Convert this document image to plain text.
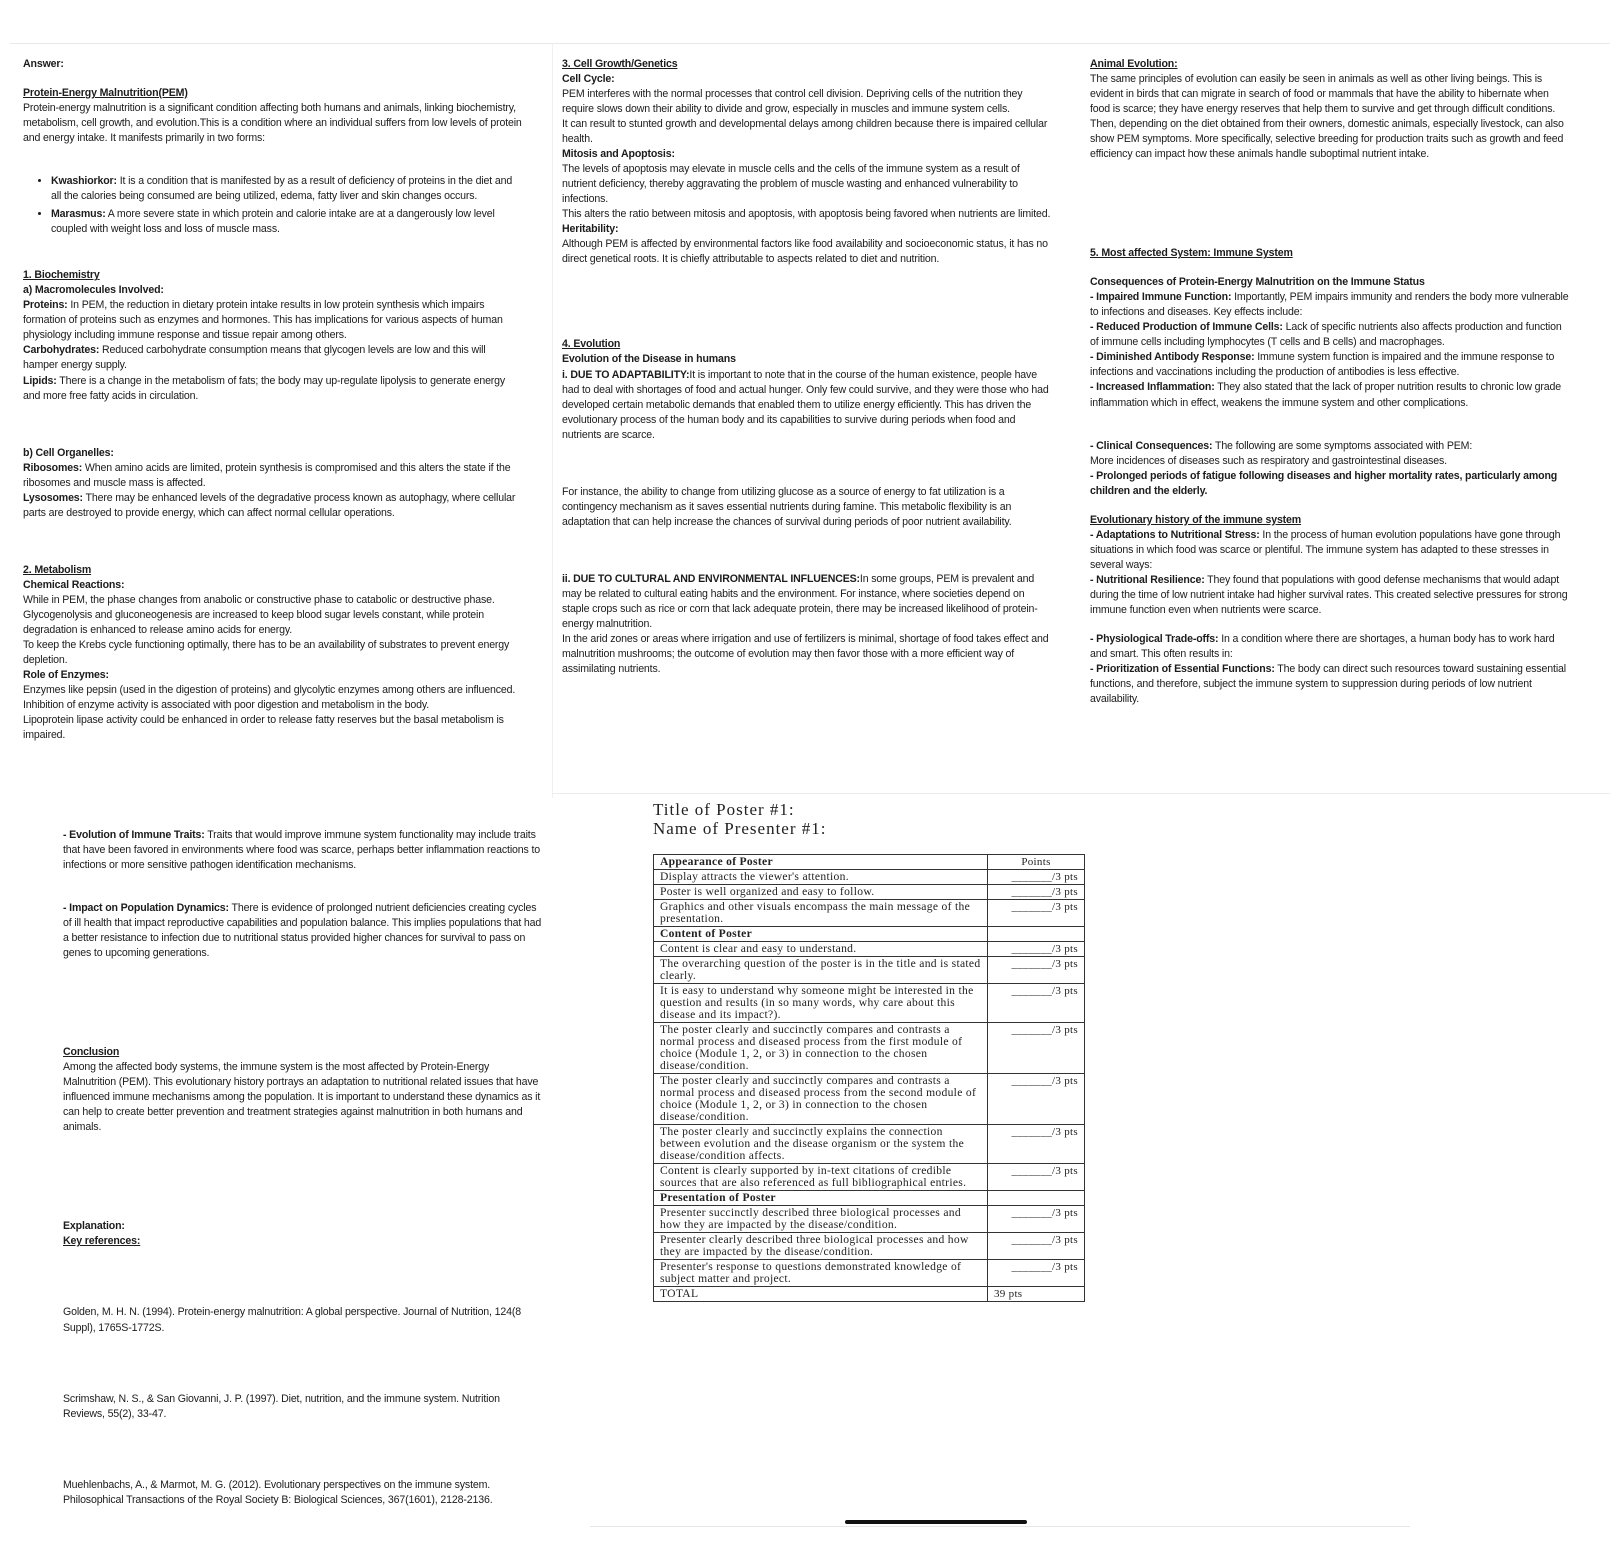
Answer:

Protein-Energy Malnutrition(PEM)

Protein-energy malnutrition is a significant condition affecting both humans and animals, linking biochemistry, metabolism, cell growth, and evolution.This is a condition where an individual suffers from low levels of protein and energy intake. It manifests primarily in two forms:

• Kwashiorkor: It is a condition that is manifested by as a result of deficiency of proteins in the diet and all the calories being consumed are being utilized, edema, fatty liver and skin changes occurs.
• Marasmus: A more severe state in which protein and calorie intake are at a dangerously low level coupled with weight loss and loss of muscle mass.

1. Biochemistry

a) Macromolecules Involved:

Proteins: In PEM, the reduction in dietary protein intake results in low protein synthesis which impairs formation of proteins such as enzymes and hormones. This has implications for various aspects of human physiology including immune response and tissue repair among others.

Carbohydrates: Reduced carbohydrate consumption means that glycogen levels are low and this will hamper energy supply.

Lipids: There is a change in the metabolism of fats; the body may up-regulate lipolysis to generate energy and more free fatty acids in circulation.

b) Cell Organelles:

Ribosomes: When amino acids are limited, protein synthesis is compromised and this alters the state if the ribosomes and muscle mass is affected.

Lysosomes: There may be enhanced levels of the degradative process known as autophagy, where cellular parts are destroyed to provide energy, which can affect normal cellular operations.

2. Metabolism

Chemical Reactions:

While in PEM, the phase changes from anabolic or constructive phase to catabolic or destructive phase. Glycogenolysis and gluconeogenesis are increased to keep blood sugar levels constant, while protein degradation is enhanced to release amino acids for energy.

To keep the Krebs cycle functioning optimally, there has to be an availability of substrates to prevent energy depletion.

Role of Enzymes:

Enzymes like pepsin (used in the digestion of proteins) and glycolytic enzymes among others are influenced. Inhibition of enzyme activity is associated with poor digestion and metabolism in the body.

Lipoprotein lipase activity could be enhanced in order to release fatty reserves but the basal metabolism is impaired.

3. Cell Growth/Genetics

Cell Cycle:

PEM interferes with the normal processes that control cell division. Depriving cells of the nutrition they require slows down their ability to divide and grow, especially in muscles and immune system cells.

It can result to stunted growth and developmental delays among children because there is impaired cellular health.

Mitosis and Apoptosis:

The levels of apoptosis may elevate in muscle cells and the cells of the immune system as a result of nutrient deficiency, thereby aggravating the problem of muscle wasting and enhanced vulnerability to infections.

This alters the ratio between mitosis and apoptosis, with apoptosis being favored when nutrients are limited.

Heritability:

Although PEM is affected by environmental factors like food availability and socioeconomic status, it has no direct genetical roots. It is chiefly attributable to aspects related to diet and nutrition.

4. Evolution

Evolution of the Disease in humans

i. DUE TO ADAPTABILITY:It is important to note that in the course of the human existence, people have had to deal with shortages of food and actual hunger. Only few could survive, and they were those who had developed certain metabolic demands that enabled them to utilize energy efficiently. This has driven the evolutionary process of the human body and its capabilities to survive during periods when food and nutrients are scarce.

For instance, the ability to change from utilizing glucose as a source of energy to fat utilization is a contingency mechanism as it saves essential nutrients during famine. This metabolic flexibility is an adaptation that can help increase the chances of survival during periods of poor nutrient availability.

ii. DUE TO CULTURAL AND ENVIRONMENTAL INFLUENCES:In some groups, PEM is prevalent and may be related to cultural eating habits and the environment. For instance, where societies depend on staple crops such as rice or corn that lack adequate protein, there may be increased likelihood of protein-energy malnutrition.

In the arid zones or areas where irrigation and use of fertilizers is minimal, shortage of food takes effect and malnutrition mushrooms; the outcome of evolution may then favor those with a more efficient way of assimilating nutrients.

Animal Evolution:

The same principles of evolution can easily be seen in animals as well as other living beings. This is evident in birds that can migrate in search of food or mammals that have the ability to hibernate when food is scarce; they have energy reserves that help them to survive and get through difficult conditions.

Then, depending on the diet obtained from their owners, domestic animals, especially livestock, can also show PEM symptoms. More specifically, selective breeding for production traits such as growth and feed efficiency can impact how these animals handle suboptimal nutrient intake.

5. Most affected System: Immune System

Consequences of Protein-Energy Malnutrition on the Immune Status

- Impaired Immune Function: Importantly, PEM impairs immunity and renders the body more vulnerable to infections and diseases. Key effects include:

- Reduced Production of Immune Cells: Lack of specific nutrients also affects production and function of immune cells including lymphocytes (T cells and B cells) and macrophages.

- Diminished Antibody Response: Immune system function is impaired and the immune response to infections and vaccinations including the production of antibodies is less effective.

- Increased Inflammation: They also stated that the lack of proper nutrition results to chronic low grade inflammation which in effect, weakens the immune system and other complications.

- Clinical Consequences: The following are some symptoms associated with PEM:

More incidences of diseases such as respiratory and gastrointestinal diseases.

- Prolonged periods of fatigue following diseases and higher mortality rates, particularly among children and the elderly.

Evolutionary history of the immune system

- Adaptations to Nutritional Stress: In the process of human evolution populations have gone through situations in which food was scarce or plentiful. The immune system has adapted to these stresses in several ways:

- Nutritional Resilience: They found that populations with good defense mechanisms that would adapt during the time of low nutrient intake had higher survival rates. This created selective pressures for strong immune function even when nutrients were scarce.

- Physiological Trade-offs: In a condition where there are shortages, a human body has to work hard and smart. This often results in:

- Prioritization of Essential Functions: The body can direct such resources toward sustaining essential functions, and therefore, subject the immune system to suppression during periods of low nutrient availability.

- Evolution of Immune Traits: Traits that would improve immune system functionality may include traits that have been favored in environments where food was scarce, perhaps better inflammation reactions to infections or more sensitive pathogen identification mechanisms.

- Impact on Population Dynamics: There is evidence of prolonged nutrient deficiencies creating cycles of ill health that impact reproductive capabilities and population balance. This implies populations that had a better resistance to infection due to nutritional status provided higher chances for survival to pass on genes to upcoming generations.

Conclusion

Among the affected body systems, the immune system is the most affected by Protein-Energy Malnutrition (PEM). This evolutionary history portrays an adaptation to nutritional related issues that have influenced immune mechanisms among the population. It is important to understand these dynamics as it can help to create better prevention and treatment strategies against malnutrition in both humans and animals.

Explanation:

Key references:

Golden, M. H. N. (1994). Protein-energy malnutrition: A global perspective. Journal of Nutrition, 124(8 Suppl), 1765S-1772S.

Scrimshaw, N. S., & San Giovanni, J. P. (1997). Diet, nutrition, and the immune system. Nutrition Reviews, 55(2), 33-47.

Muehlenbachs, A., & Marmot, M. G. (2012). Evolutionary perspectives on the immune system. Philosophical Transactions of the Royal Society B: Biological Sciences, 367(1601), 2128-2136.

Title of Poster #1:
Name of Presenter #1:
Appearance of Poster	Points
Display attracts the viewer's attention.	_______/3 pts
Poster is well organized and easy to follow.	_______/3 pts
Graphics and other visuals encompass the main message of the presentation.	_______/3 pts
Content of Poster	
Content is clear and easy to understand.	_______/3 pts
The overarching question of the poster is in the title and is stated clearly.	_______/3 pts
It is easy to understand why someone might be interested in the question and results (in so many words, why care about this disease and its impact?).	_______/3 pts
The poster clearly and succinctly compares and contrasts a normal process and diseased process from the first module of choice (Module 1, 2, or 3) in connection to the chosen disease/condition.	_______/3 pts
The poster clearly and succinctly compares and contrasts a normal process and diseased process from the second module of choice (Module 1, 2, or 3) in connection to the chosen disease/condition.	_______/3 pts
The poster clearly and succinctly explains the connection between evolution and the disease organism or the system the disease/condition affects.	_______/3 pts
Content is clearly supported by in-text citations of credible sources that are also referenced as full bibliographical entries.	_______/3 pts
Presentation of Poster	
Presenter succinctly described three biological processes and how they are impacted by the disease/condition.	_______/3 pts
Presenter clearly described three biological processes and how they are impacted by the disease/condition.	_______/3 pts
Presenter's response to questions demonstrated knowledge of subject matter and project.	_______/3 pts
TOTAL	39 pts
